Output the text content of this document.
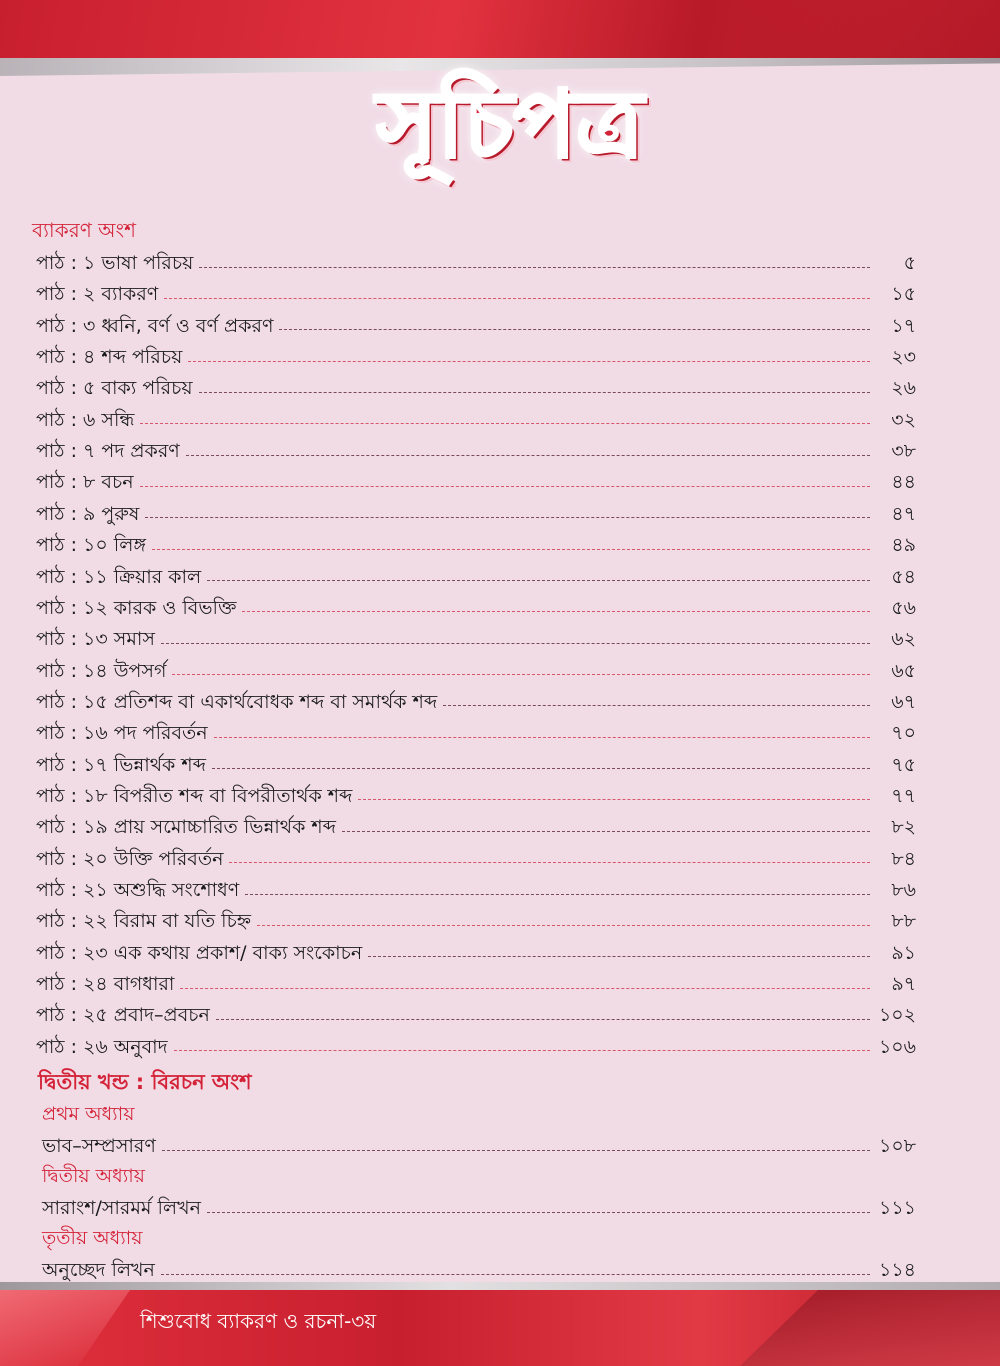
সূচিপত্র
ব্যাকরণ অংশ
পাঠ : ১ ভাষা পরিচয়	৫
পাঠ : ২ ব্যাকরণ	১৫
পাঠ : ৩ ধ্বনি, বর্ণ ও বর্ণ প্রকরণ	১৭
পাঠ : ৪ শব্দ পরিচয়	২৩
পাঠ : ৫ বাক্য পরিচয়	২৬
পাঠ : ৬ সন্ধি	৩২
পাঠ : ৭ পদ প্রকরণ	৩৮
পাঠ : ৮ বচন	৪৪
পাঠ : ৯ পুরুষ	৪৭
পাঠ : ১০ লিঙ্গ	৪৯
পাঠ : ১১ ক্রিয়ার কাল	৫৪
পাঠ : ১২ কারক ও বিভক্তি	৫৬
পাঠ : ১৩ সমাস	৬২
পাঠ : ১৪ উপসর্গ	৬৫
পাঠ : ১৫ প্রতিশব্দ বা একার্থবোধক শব্দ বা সমার্থক শব্দ	৬৭
পাঠ : ১৬ পদ পরিবর্তন	৭০
পাঠ : ১৭ ভিন্নার্থক শব্দ	৭৫
পাঠ : ১৮ বিপরীত শব্দ বা বিপরীতার্থক শব্দ	৭৭
পাঠ : ১৯ প্রায় সমোচ্চারিত ভিন্নার্থক শব্দ	৮২
পাঠ : ২০ উক্তি পরিবর্তন	৮৪
পাঠ : ২১ অশুদ্ধি সংশোধণ	৮৬
পাঠ : ২২ বিরাম বা যতি চিহ্ন	৮৮
পাঠ : ২৩ এক কথায় প্রকাশ/ বাক্য সংকোচন	৯১
পাঠ : ২৪ বাগধারা	৯৭
পাঠ : ২৫ প্রবাদ–প্রবচন	১০২
পাঠ : ২৬ অনুবাদ	১০৬
দ্বিতীয় খন্ড : বিরচন অংশ
প্রথম অধ্যায়
ভাব–সম্প্রসারণ	১০৮
দ্বিতীয় অধ্যায়
সারাংশ/সারমর্ম লিখন	১১১
তৃতীয় অধ্যায়
অনুচ্ছেদ লিখন	১১৪
শিশুবোধ ব্যাকরণ ও রচনা-৩য়
